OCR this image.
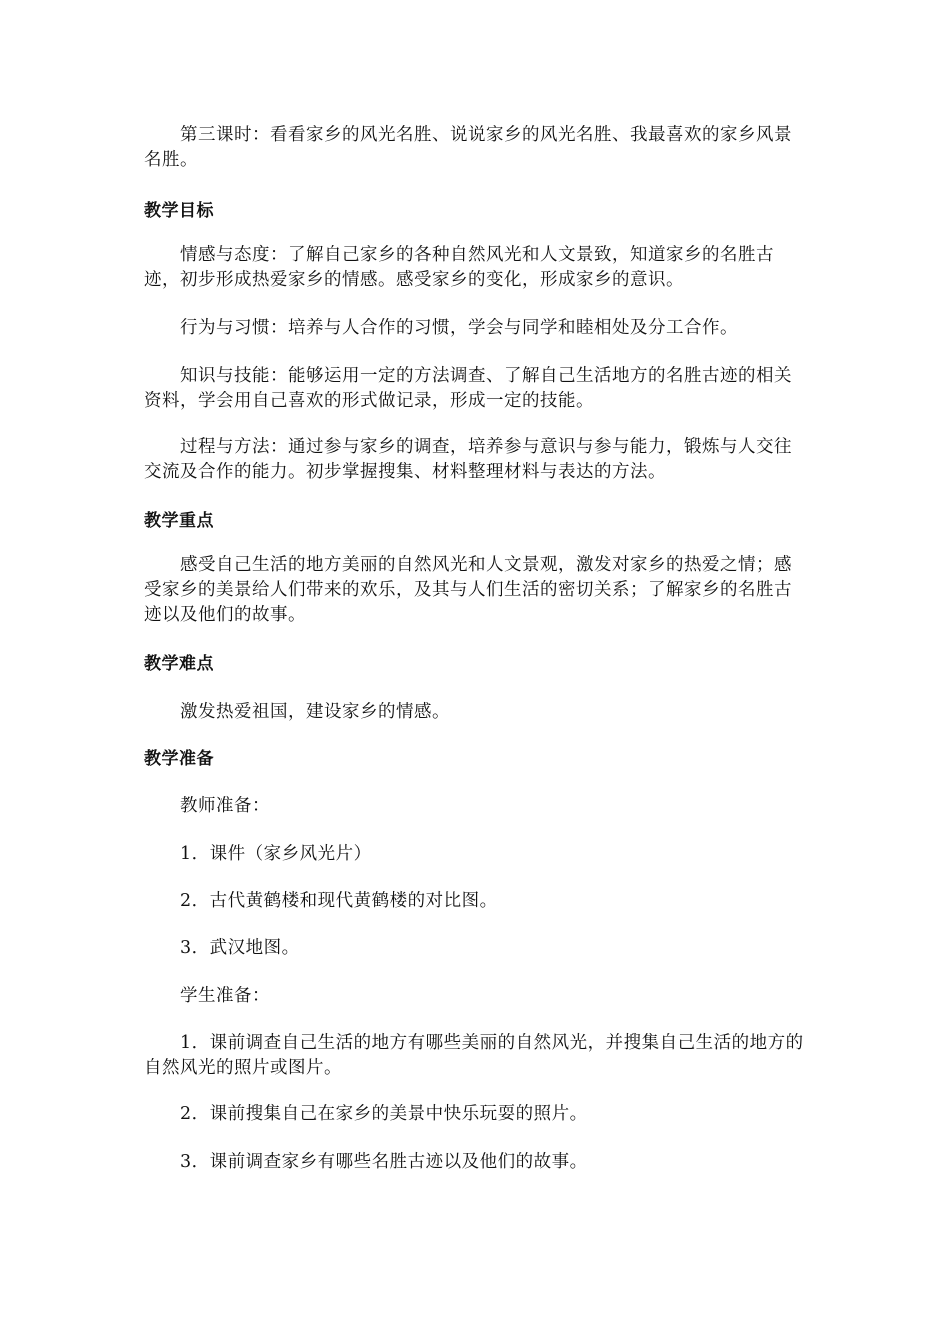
第三课时：看看家乡的风光名胜、说说家乡的风光名胜、我最喜欢的家乡风景名胜。

教学目标

情感与态度：了解自己家乡的各种自然风光和人文景致，知道家乡的名胜古迹，初步形成热爱家乡的情感。感受家乡的变化，形成家乡的意识。

行为与习惯：培养与人合作的习惯，学会与同学和睦相处及分工合作。

知识与技能：能够运用一定的方法调查、了解自己生活地方的名胜古迹的相关资料，学会用自己喜欢的形式做记录，形成一定的技能。

过程与方法：通过参与家乡的调查，培养参与意识与参与能力，锻炼与人交往交流及合作的能力。初步掌握搜集、材料整理材料与表达的方法。

教学重点

感受自己生活的地方美丽的自然风光和人文景观，激发对家乡的热爱之情；感受家乡的美景给人们带来的欢乐，及其与人们生活的密切关系；了解家乡的名胜古迹以及他们的故事。

教学难点

激发热爱祖国，建设家乡的情感。

教学准备

教师准备：

1．课件（家乡风光片）

2．古代黄鹤楼和现代黄鹤楼的对比图。

3．武汉地图。

学生准备：

1．课前调查自己生活的地方有哪些美丽的自然风光，并搜集自己生活的地方的自然风光的照片或图片。

2．课前搜集自己在家乡的美景中快乐玩耍的照片。

3．课前调查家乡有哪些名胜古迹以及他们的故事。
